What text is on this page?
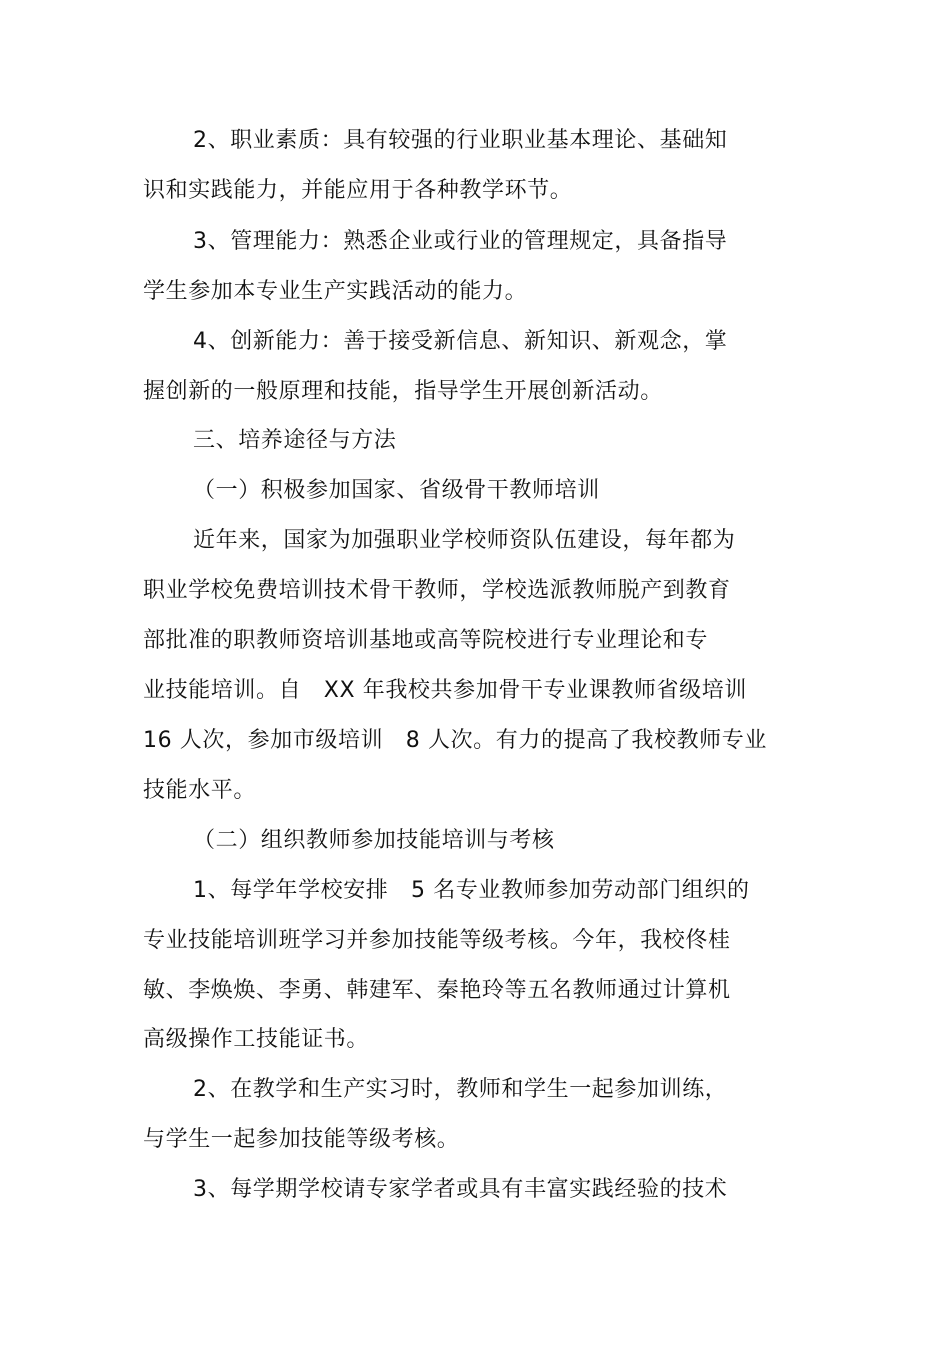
2、职业素质：具有较强的行业职业基本理论、基础知
识和实践能力，并能应用于各种教学环节。
3、管理能力：熟悉企业或行业的管理规定，具备指导
学生参加本专业生产实践活动的能力。
4、创新能力：善于接受新信息、新知识、新观念，掌
握创新的一般原理和技能，指导学生开展创新活动。
三、培养途径与方法
（一）积极参加国家、省级骨干教师培训
近年来，国家为加强职业学校师资队伍建设，每年都为
职业学校免费培训技术骨干教师，学校选派教师脱产到教育
部批准的职教师资培训基地或高等院校进行专业理论和专
业技能培训。自　XX 年我校共参加骨干专业课教师省级培训
16 人次，参加市级培训　8 人次。有力的提高了我校教师专业
技能水平。
（二）组织教师参加技能培训与考核
1、每学年学校安排　5 名专业教师参加劳动部门组织的
专业技能培训班学习并参加技能等级考核。今年，我校佟桂
敏、李焕焕、李勇、韩建军、秦艳玲等五名教师通过计算机
高级操作工技能证书。
2、在教学和生产实习时，教师和学生一起参加训练，
与学生一起参加技能等级考核。
3、每学期学校请专家学者或具有丰富实践经验的技术
